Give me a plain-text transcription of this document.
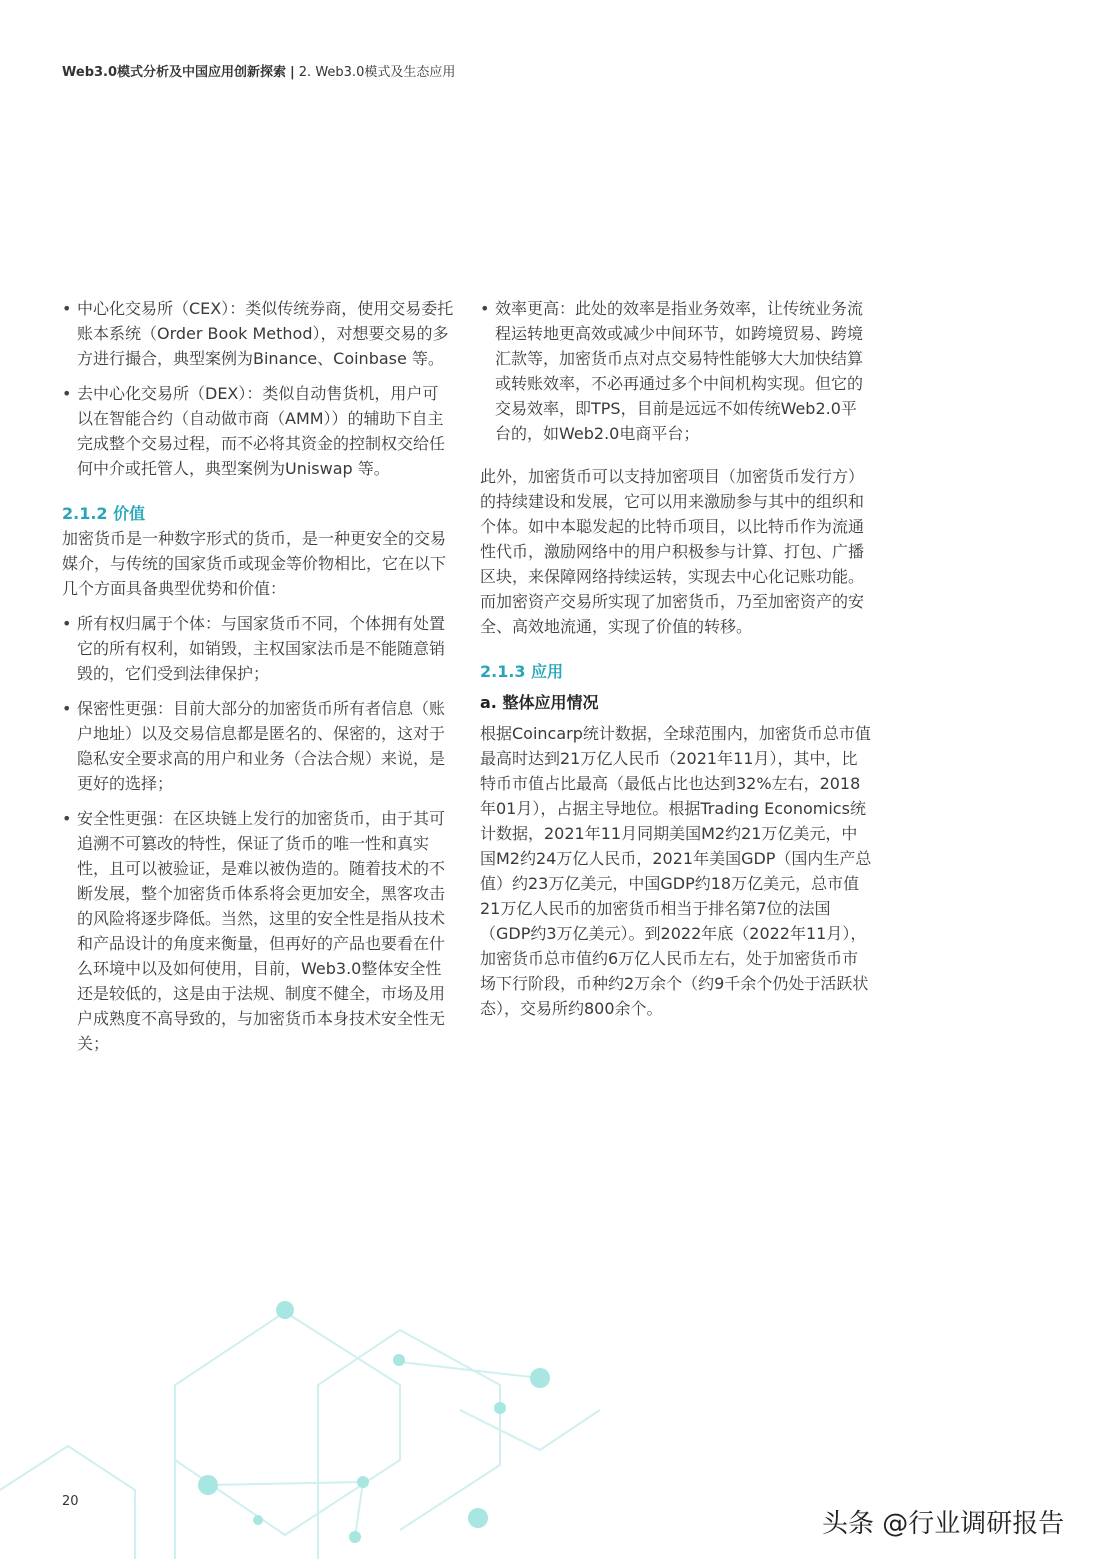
Web3.0模式分析及中国应用创新探索 | 2. Web3.0模式及生态应用

• 中心化交易所（CEX）：类似传统券商，使用交易委托账本系统（Order Book Method），对想要交易的多方进行撮合，典型案例为Binance、Coinbase 等。

• 去中心化交易所（DEX）：类似自动售货机，用户可以在智能合约（自动做市商（AMM））的辅助下自主完成整个交易过程，而不必将其资金的控制权交给任何中介或托管人，典型案例为Uniswap 等。

2.1.2 价值

加密货币是一种数字形式的货币，是一种更安全的交易媒介，与传统的国家货币或现金等价物相比，它在以下几个方面具备典型优势和价值：

• 所有权归属于个体：与国家货币不同，个体拥有处置它的所有权利，如销毁，主权国家法币是不能随意销毁的，它们受到法律保护；

• 保密性更强：目前大部分的加密货币所有者信息（账户地址）以及交易信息都是匿名的、保密的，这对于隐私安全要求高的用户和业务（合法合规）来说，是更好的选择；

• 安全性更强：在区块链上发行的加密货币，由于其可追溯不可篡改的特性，保证了货币的唯一性和真实性，且可以被验证，是难以被伪造的。随着技术的不断发展，整个加密货币体系将会更加安全，黑客攻击的风险将逐步降低。当然，这里的安全性是指从技术和产品设计的角度来衡量，但再好的产品也要看在什么环境中以及如何使用，目前，Web3.0整体安全性还是较低的，这是由于法规、制度不健全，市场及用户成熟度不高导致的，与加密货币本身技术安全性无关；

• 效率更高：此处的效率是指业务效率，让传统业务流程运转地更高效或减少中间环节，如跨境贸易、跨境汇款等，加密货币点对点交易特性能够大大加快结算或转账效率，不必再通过多个中间机构实现。但它的交易效率，即TPS，目前是远远不如传统Web2.0平台的，如Web2.0电商平台；

此外，加密货币可以支持加密项目（加密货币发行方）的持续建设和发展，它可以用来激励参与其中的组织和个体。如中本聪发起的比特币项目，以比特币作为流通性代币，激励网络中的用户积极参与计算、打包、广播区块，来保障网络持续运转，实现去中心化记账功能。而加密资产交易所实现了加密货币，乃至加密资产的安全、高效地流通，实现了价值的转移。

2.1.3 应用
a. 整体应用情况

根据Coincarp统计数据，全球范围内，加密货币总市值最高时达到21万亿人民币（2021年11月），其中，比特币市值占比最高（最低占比也达到32%左右，2018年01月），占据主导地位。根据Trading Economics统计数据，2021年11月同期美国M2约21万亿美元，中国M2约24万亿人民币，2021年美国GDP（国内生产总值）约23万亿美元，中国GDP约18万亿美元，总市值21万亿人民币的加密货币相当于排名第7位的法国（GDP约3万亿美元）。到2022年底（2022年11月），加密货币总市值约6万亿人民币左右，处于加密货币市场下行阶段，币种约2万余个（约9千余个仍处于活跃状态），交易所约800余个。

20
头条 @行业调研报告
